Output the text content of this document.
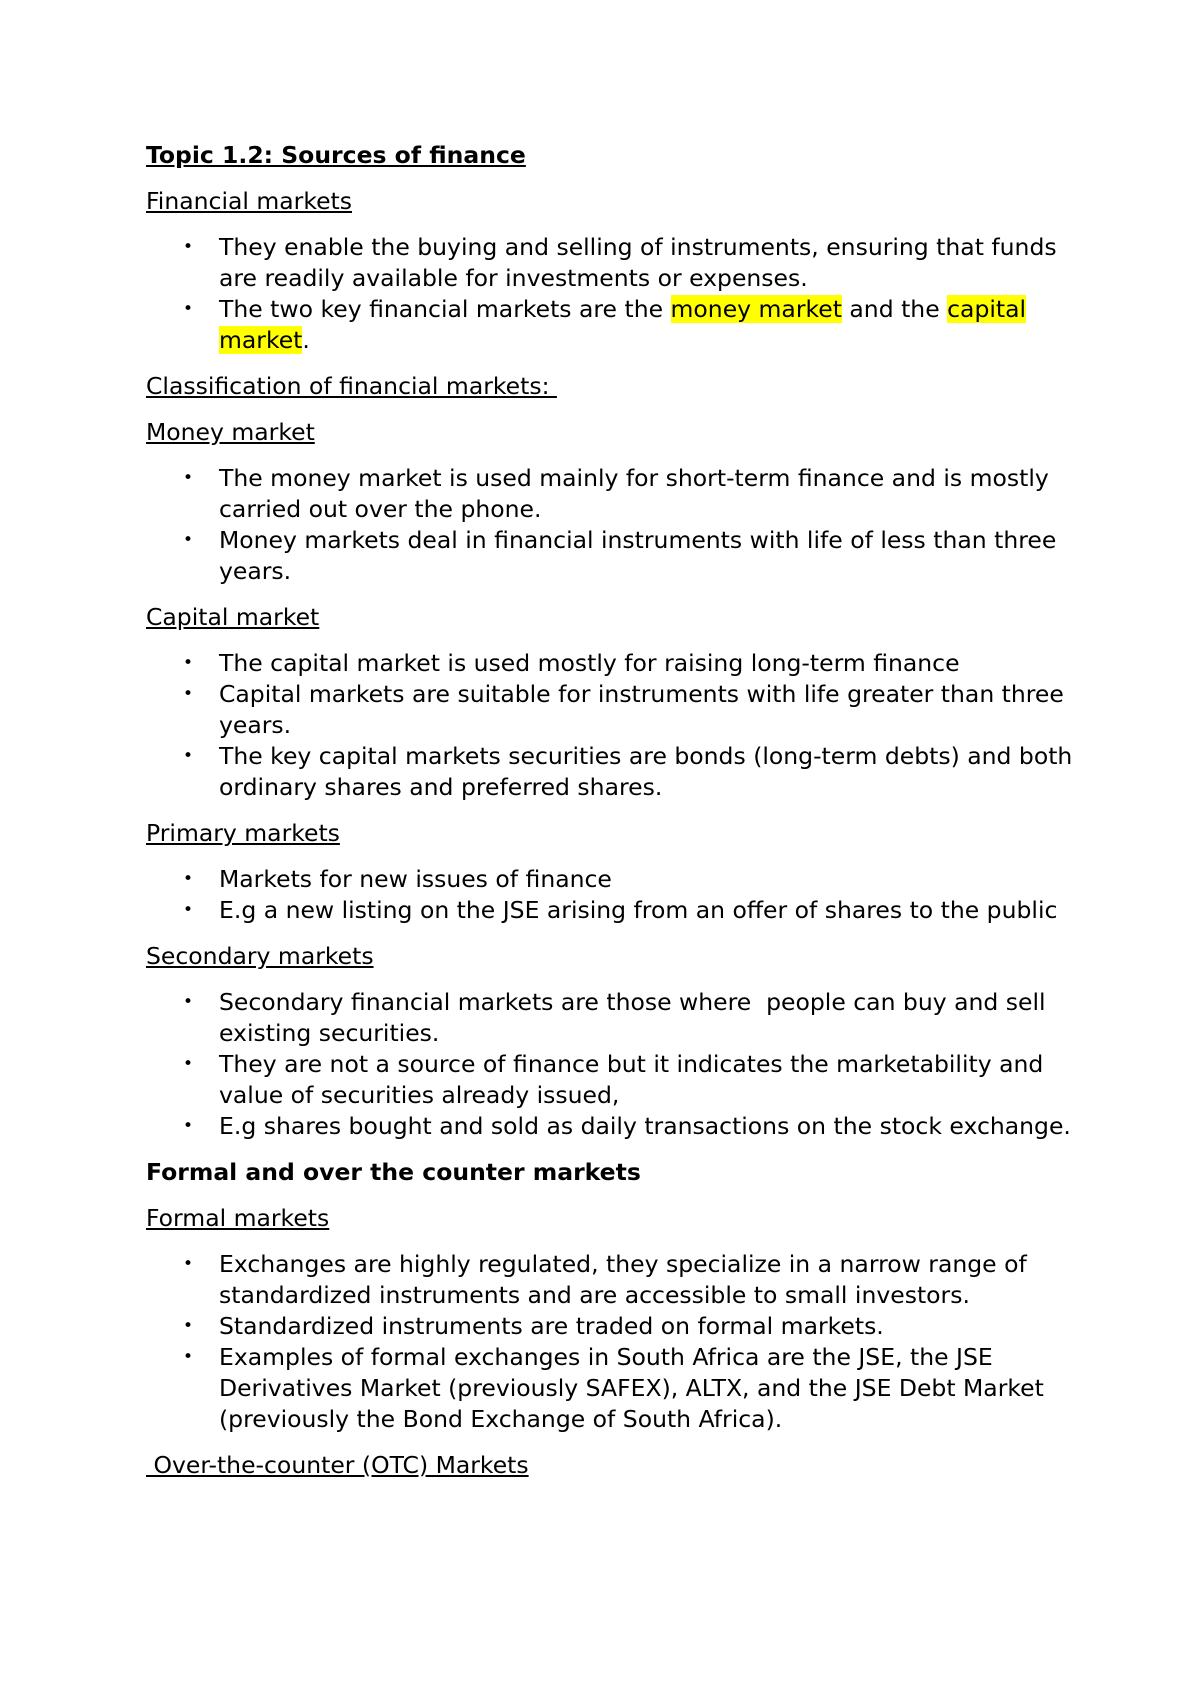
Topic 1.2: Sources of finance
Financial markets
• They enable the buying and selling of instruments, ensuring that funds are readily available for investments or expenses.
• The two key financial markets are the money market and the capital market.
Classification of financial markets:
Money market
• The money market is used mainly for short-term finance and is mostly carried out over the phone.
• Money markets deal in financial instruments with life of less than three years.
Capital market
• The capital market is used mostly for raising long-term finance
• Capital markets are suitable for instruments with life greater than three years.
• The key capital markets securities are bonds (long-term debts) and both ordinary shares and preferred shares.
Primary markets
• Markets for new issues of finance
• E.g a new listing on the JSE arising from an offer of shares to the public
Secondary markets
• Secondary financial markets are those where  people can buy and sell existing securities.
• They are not a source of finance but it indicates the marketability and value of securities already issued,
• E.g shares bought and sold as daily transactions on the stock exchange.
Formal and over the counter markets
Formal markets
• Exchanges are highly regulated, they specialize in a narrow range of standardized instruments and are accessible to small investors.
• Standardized instruments are traded on formal markets.
• Examples of formal exchanges in South Africa are the JSE, the JSE Derivatives Market (previously SAFEX), ALTX, and the JSE Debt Market (previously the Bond Exchange of South Africa).
Over-the-counter (OTC) Markets
